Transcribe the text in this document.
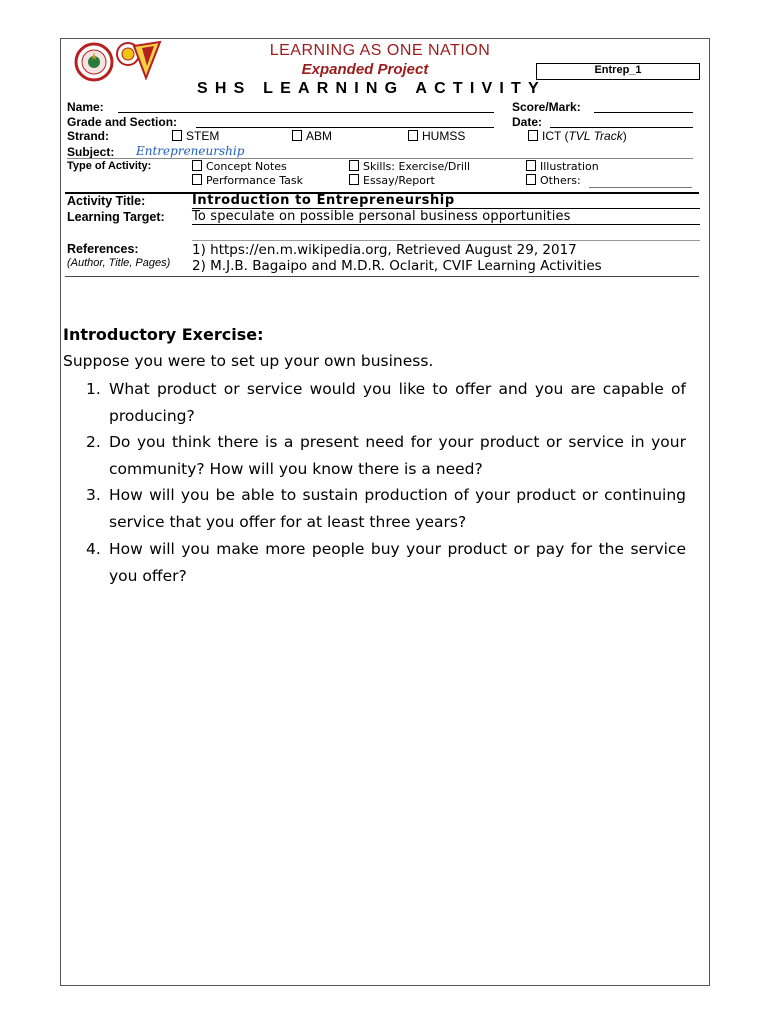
LEARNING AS ONE NATION
Expanded Project	Entrep_1
SHS LEARNING ACTIVITY
Name:	Score/Mark:
Grade and Section:	Date:
Strand:	STEM	ABM	HUMSS	ICT (TVL Track)
Subject: Entrepreneurship
Type of Activity:	Concept Notes	Skills: Exercise/Drill	Illustration
Performance Task	Essay/Report	Others:
Activity Title:	Introduction to Entrepreneurship
Learning Target: To speculate on possible personal business opportunities
References:
(Author, Title, Pages)
1) https://en.m.wikipedia.org, Retrieved August 29, 2017
2) M.J.B. Bagaipo and M.D.R. Oclarit, CVIF Learning Activities
Introductory Exercise:
Suppose you were to set up your own business.
1. What product or service would you like to offer and you are capable of producing?
2. Do you think there is a present need for your product or service in your community? How will you know there is a need?
3. How will you be able to sustain production of your product or continuing service that you offer for at least three years?
4. How will you make more people buy your product or pay for the service you offer?
